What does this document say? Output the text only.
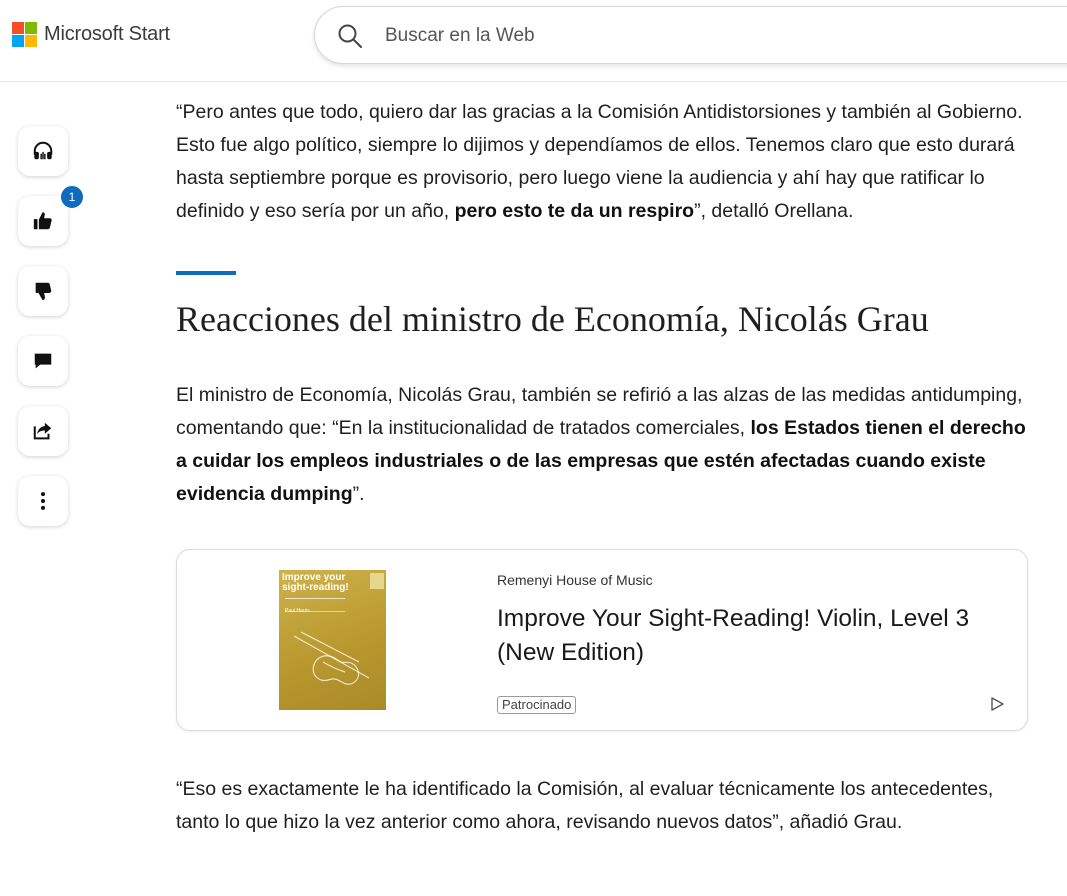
Microsoft Start
Buscar en la Web
1

“Pero antes que todo, quiero dar las gracias a la Comisión Antidistorsiones y también al Gobierno. Esto fue algo político, siempre lo dijimos y dependíamos de ellos. Tenemos claro que esto durará hasta septiembre porque es provisorio, pero luego viene la audiencia y ahí hay que ratificar lo definido y eso sería por un año, pero esto te da un respiro”, detalló Orellana.

Reacciones del ministro de Economía, Nicolás Grau

El ministro de Economía, Nicolás Grau, también se refirió a las alzas de las medidas antidumping, comentando que: “En la institucionalidad de tratados comerciales, los Estados tienen el derecho a cuidar los empleos industriales o de las empresas que estén afectadas cuando existe evidencia dumping”.

Improve your sight-reading!
Paul Harris
Remenyi House of Music
Improve Your Sight-Reading! Violin, Level 3 (New Edition)
Patrocinado

“Eso es exactamente le ha identificado la Comisión, al evaluar técnicamente los antecedentes, tanto lo que hizo la vez anterior como ahora, revisando nuevos datos”, añadió Grau.
